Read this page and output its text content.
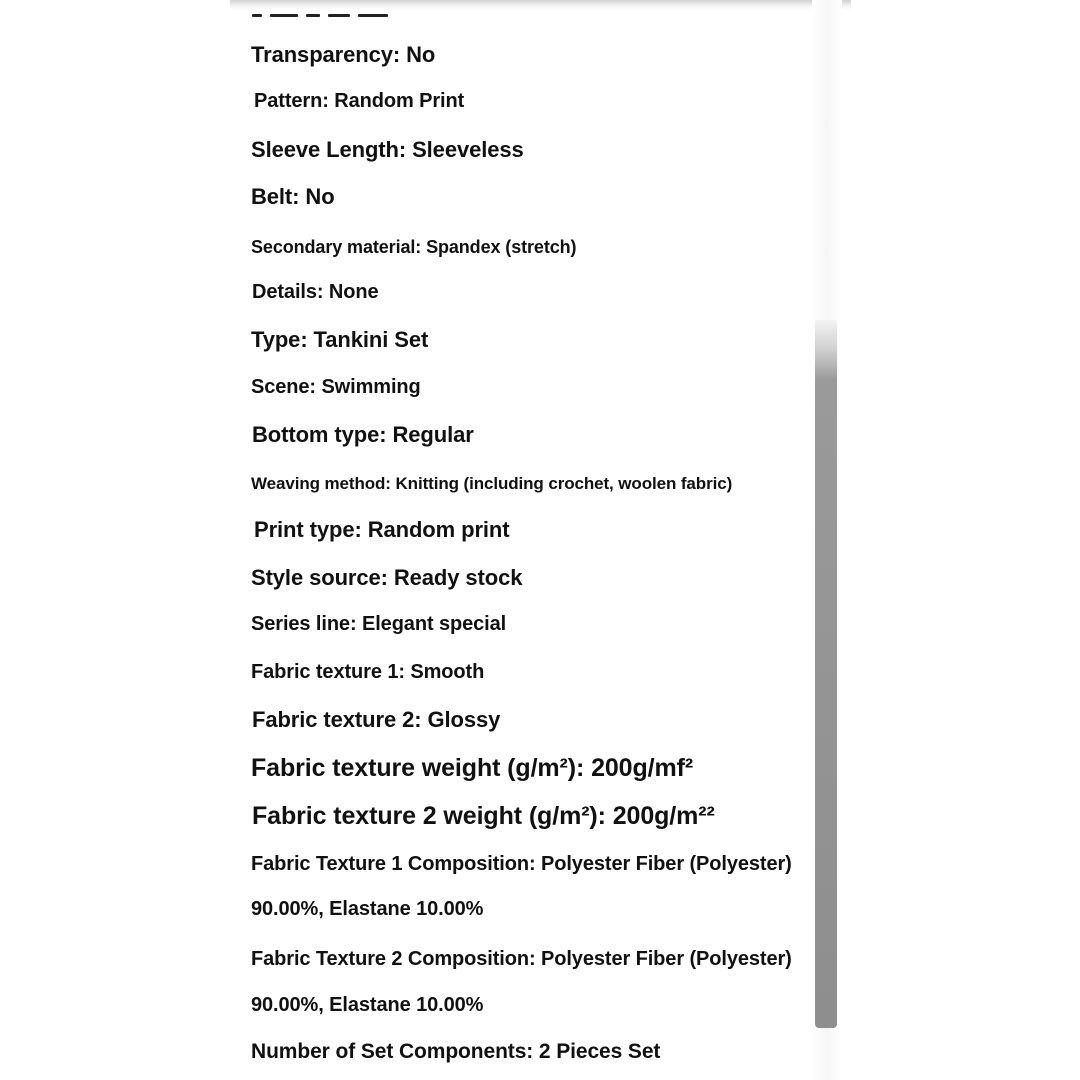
Transparency: No
Pattern: Random Print
Sleeve Length: Sleeveless
Belt: No
Secondary material: Spandex (stretch)
Details: None
Type: Tankini Set
Scene: Swimming
Bottom type: Regular
Weaving method: Knitting (including crochet, woolen fabric)
Print type: Random print
Style source: Ready stock
Series line: Elegant special
Fabric texture 1: Smooth
Fabric texture 2: Glossy
Fabric texture weight (g/m²): 200g/mf²
Fabric texture 2 weight (g/m²): 200g/m²²
Fabric Texture 1 Composition: Polyester Fiber (Polyester)
90.00%, Elastane 10.00%
Fabric Texture 2 Composition: Polyester Fiber (Polyester)
90.00%, Elastane 10.00%
Number of Set Components: 2 Pieces Set
